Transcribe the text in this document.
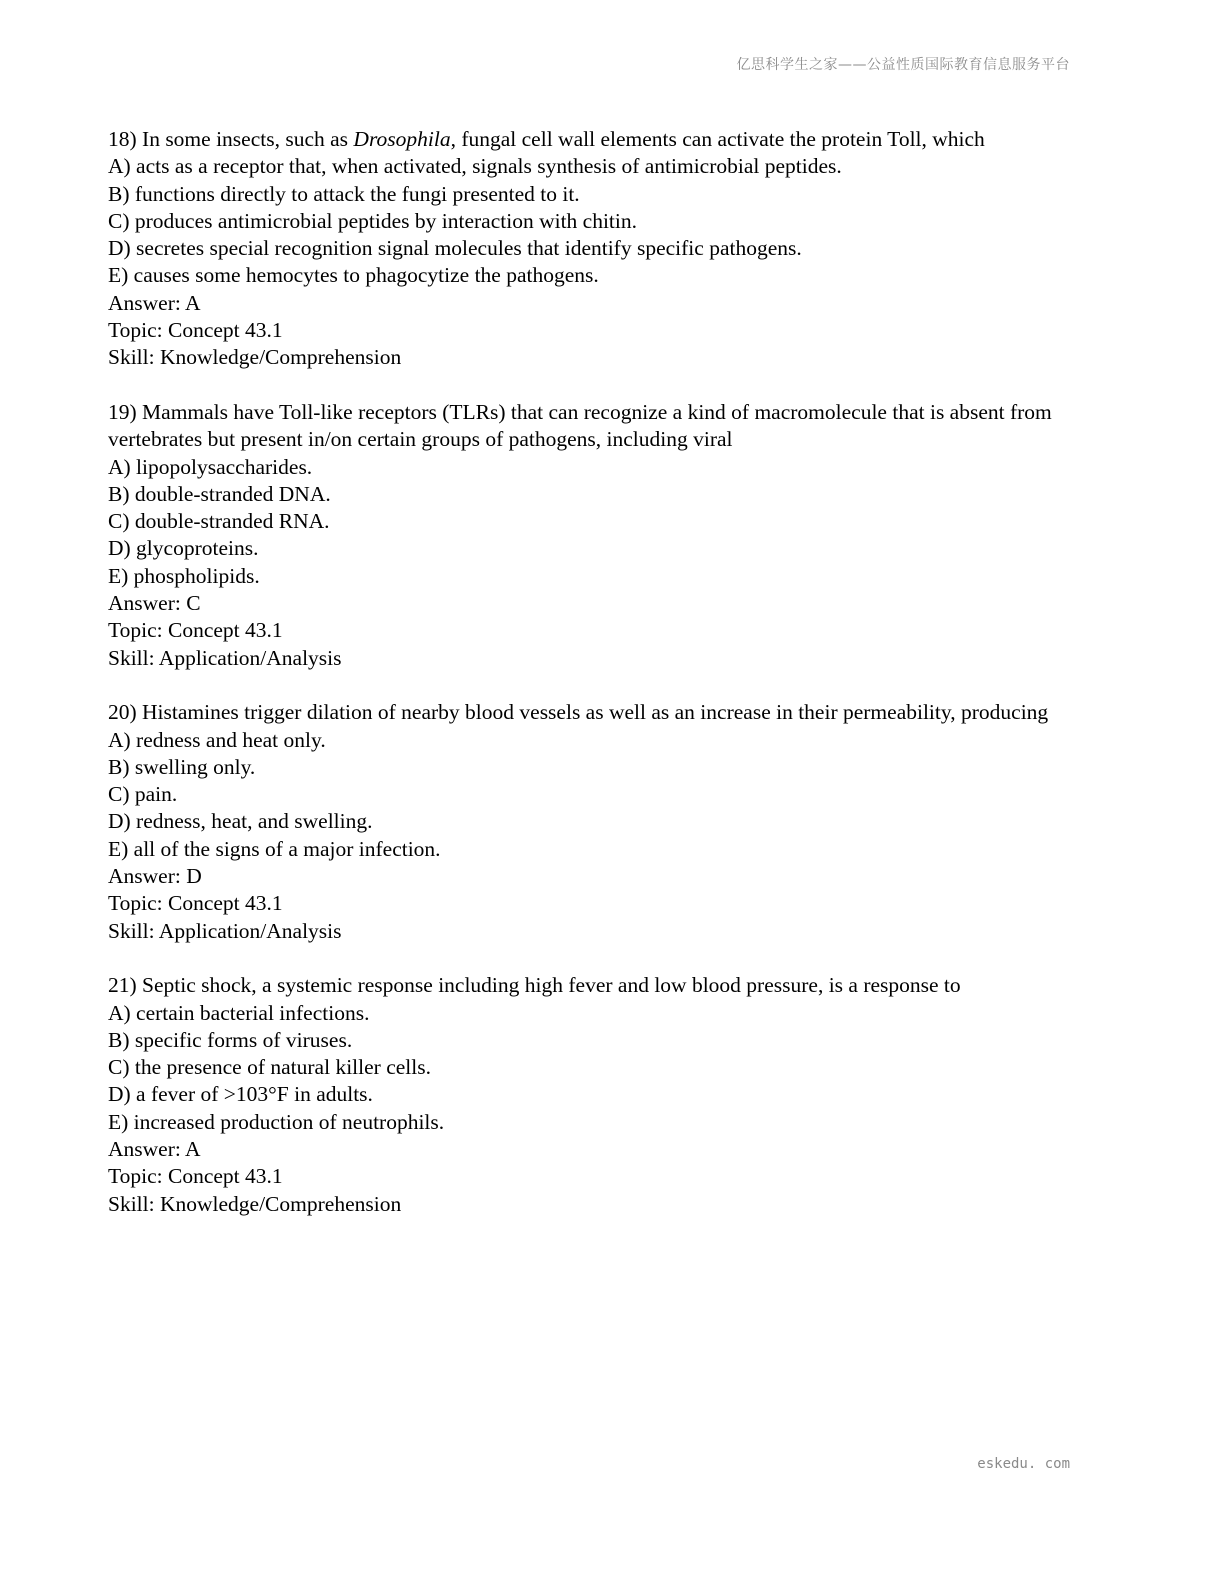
亿思科学生之家——公益性质国际教育信息服务平台
18) In some insects, such as Drosophila, fungal cell wall elements can activate the protein Toll, which
A) acts as a receptor that, when activated, signals synthesis of antimicrobial peptides.
B) functions directly to attack the fungi presented to it.
C) produces antimicrobial peptides by interaction with chitin.
D) secretes special recognition signal molecules that identify specific pathogens.
E) causes some hemocytes to phagocytize the pathogens.
Answer: A
Topic: Concept 43.1
Skill: Knowledge/Comprehension
19) Mammals have Toll-like receptors (TLRs) that can recognize a kind of macromolecule that is absent from vertebrates but present in/on certain groups of pathogens, including viral
A) lipopolysaccharides.
B) double-stranded DNA.
C) double-stranded RNA.
D) glycoproteins.
E) phospholipids.
Answer: C
Topic: Concept 43.1
Skill: Application/Analysis
20) Histamines trigger dilation of nearby blood vessels as well as an increase in their permeability, producing
A) redness and heat only.
B) swelling only.
C) pain.
D) redness, heat, and swelling.
E) all of the signs of a major infection.
Answer: D
Topic: Concept 43.1
Skill: Application/Analysis
21) Septic shock, a systemic response including high fever and low blood pressure, is a response to
A) certain bacterial infections.
B) specific forms of viruses.
C) the presence of natural killer cells.
D) a fever of >103°F in adults.
E) increased production of neutrophils.
Answer: A
Topic: Concept 43.1
Skill: Knowledge/Comprehension
eskedu. com
